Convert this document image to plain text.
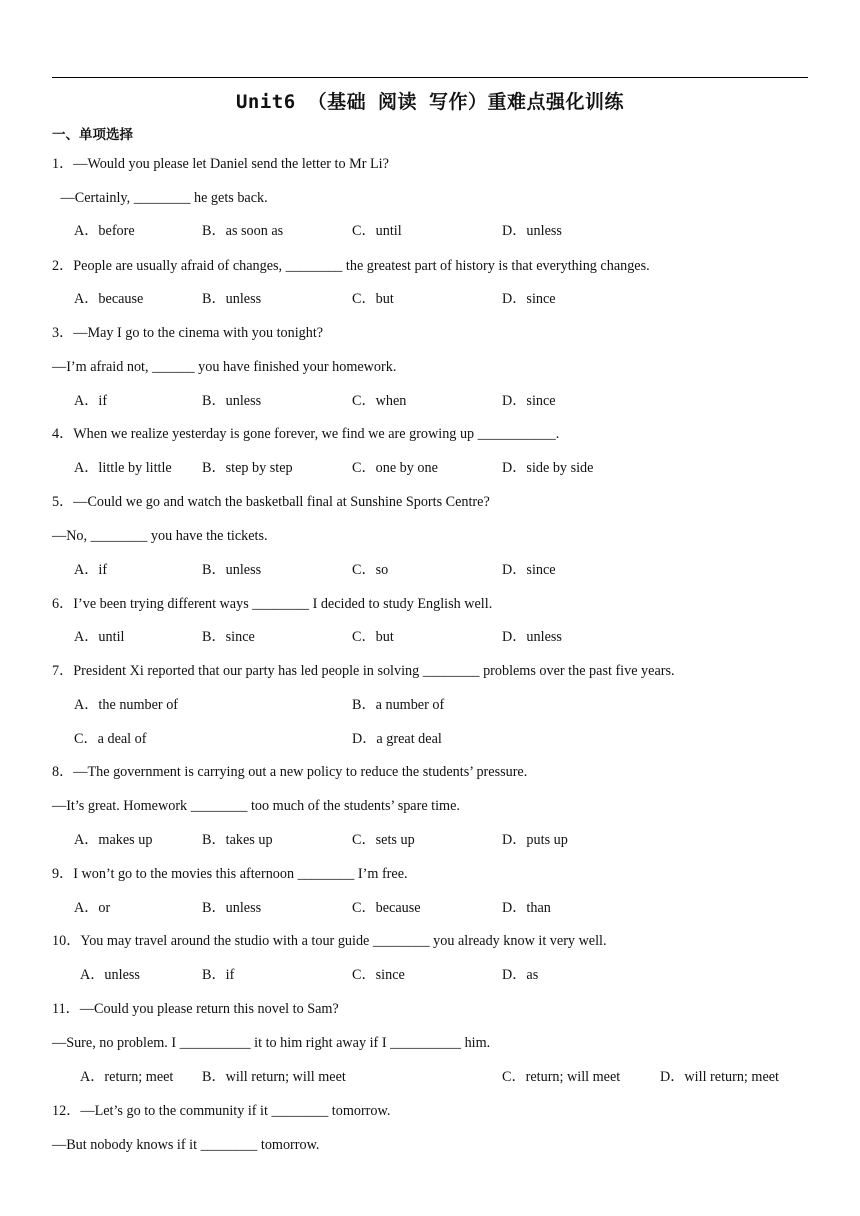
Unit6 （基础 阅读 写作）重难点强化训练
一、单项选择
1．—Would you please let Daniel send the letter to Mr Li?
—Certainly, ________ he gets back.
A．before	B．as soon as	C．until	D．unless
2．People are usually afraid of changes, ________ the greatest part of history is that everything changes.
A．because	B．unless	C．but	D．since
3．—May I go to the cinema with you tonight?
—I’m afraid not, ______ you have finished your homework.
A．if	B．unless	C．when	D．since
4．When we realize yesterday is gone forever, we find we are growing up ___________.
A．little by little B．step by step	C．one by one	D．side by side
5．—Could we go and watch the basketball final at Sunshine Sports Centre?
—No, ________ you have the tickets.
A．if	B．unless	C．so	D．since
6．I’ve been trying different ways ________ I decided to study English well.
A．until	B．since	C．but	D．unless
7．President Xi reported that our party has led people in solving ________ problems over the past five years.
A．the number of	B．a number of
C．a deal of	D．a great deal
8．—The government is carrying out a new policy to reduce the students’ pressure.
—It’s great. Homework ________ too much of the students’ spare time.
A．makes up	B．takes up	C．sets up	D．puts up
9．I won’t go to the movies this afternoon ________ I’m free.
A．or	B．unless	C．because	D．than
10．You may travel around the studio with a tour guide ________ you already know it very well.
A．unless	B．if	C．since	D．as
11．—Could you please return this novel to Sam?
—Sure, no problem. I __________ it to him right away if I __________ him.
A．return; meet B．will return; will meet	C．return; will meet	D．will return; meet
12．—Let’s go to the community if it ________ tomorrow.
—But nobody knows if it ________ tomorrow.
